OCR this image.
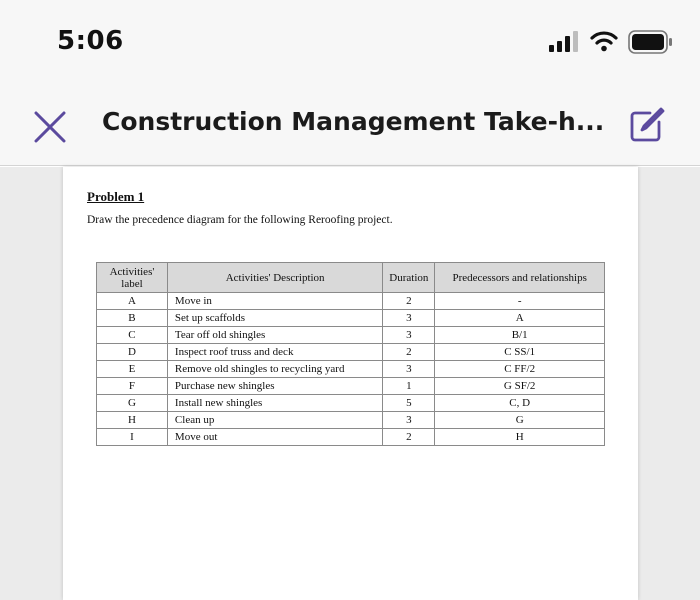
5:06
Construction Management Take-h...
Problem 1
Draw the precedence diagram for the following Reroofing project.
Activities' label	Activities' Description	Duration	Predecessors and relationships
A	Move in	2	-
B	Set up scaffolds	3	A
C	Tear off old shingles	3	B/1
D	Inspect roof truss and deck	2	C SS/1
E	Remove old shingles to recycling yard	3	C FF/2
F	Purchase new shingles	1	G SF/2
G	Install new shingles	5	C, D
H	Clean up	3	G
I	Move out	2	H
